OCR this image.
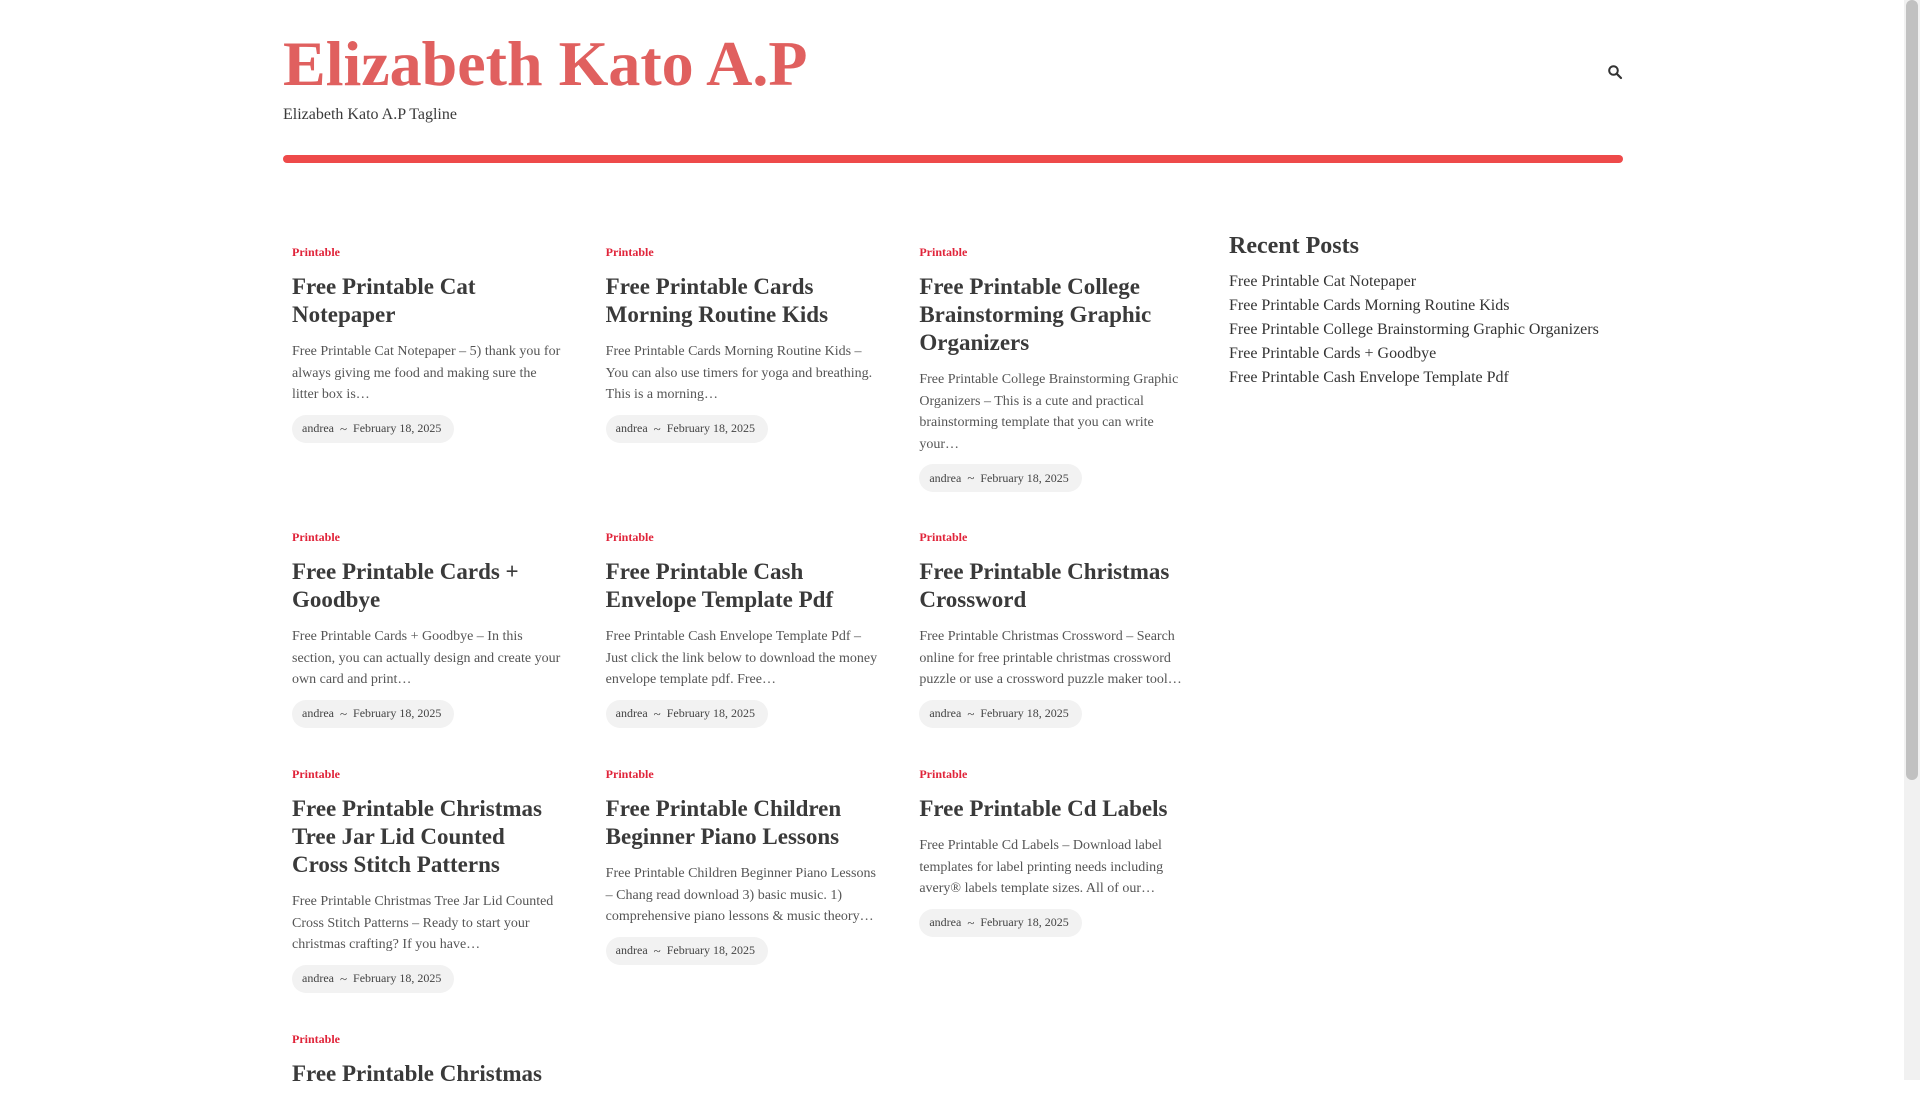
Elizabeth Kato A.P
Elizabeth Kato A.P Tagline
Printable
Free Printable Cat Notepaper

Free Printable Cat Notepaper – 5) thank you for always giving me food and making sure the litter box is…

andrea ~ February 18, 2025
Printable
Free Printable Cards Morning Routine Kids

Free Printable Cards Morning Routine Kids – You can also use timers for yoga and breathing. This is a morning…

andrea ~ February 18, 2025
Printable
Free Printable College Brainstorming Graphic Organizers

Free Printable College Brainstorming Graphic Organizers – This is a cute and practical brainstorming template that you can write your…

andrea ~ February 18, 2025
Printable
Free Printable Cards + Goodbye

Free Printable Cards + Goodbye – In this section, you can actually design and create your own card and print…

andrea ~ February 18, 2025
Printable
Free Printable Cash Envelope Template Pdf

Free Printable Cash Envelope Template Pdf – Just click the link below to download the money envelope template pdf. Free…

andrea ~ February 18, 2025
Printable
Free Printable Christmas Crossword

Free Printable Christmas Crossword – Search online for free printable christmas crossword puzzle or use a crossword puzzle maker tool…

andrea ~ February 18, 2025
Printable
Free Printable Christmas Tree Jar Lid Counted Cross Stitch Patterns

Free Printable Christmas Tree Jar Lid Counted Cross Stitch Patterns – Ready to start your christmas crafting? If you have…

andrea ~ February 18, 2025
Printable
Free Printable Children Beginner Piano Lessons

Free Printable Children Beginner Piano Lessons – Chang read download 3) basic music. 1) comprehensive piano lessons & music theory…

andrea ~ February 18, 2025
Printable
Free Printable Cd Labels

Free Printable Cd Labels – Download label templates for label printing needs including avery® labels template sizes. All of our…

andrea ~ February 18, 2025
Printable
Free Printable Christmas
Recent Posts
Free Printable Cat Notepaper
Free Printable Cards Morning Routine Kids
Free Printable College Brainstorming Graphic Organizers
Free Printable Cards + Goodbye
Free Printable Cash Envelope Template Pdf
